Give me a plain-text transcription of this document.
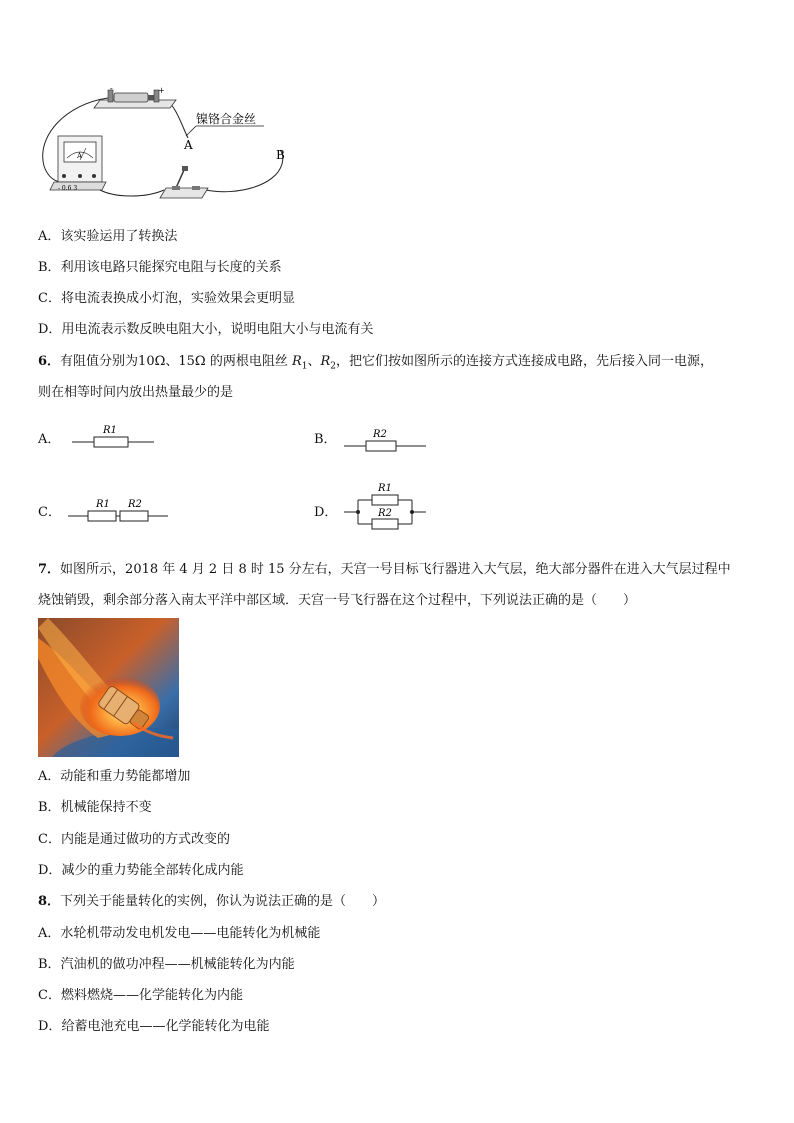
-	+
A
- 0.6 3
镍铬合金丝
A
B
A．该实验运用了转换法
B．利用该电路只能探究电阻与长度的关系
C．将电流表换成小灯泡，实验效果会更明显
D．用电流表示数反映电阻大小，说明电阻大小与电流有关
6．有阻值分别为10Ω、15Ω 的两根电阻丝 $R_1$、$R_2$，把它们按如图所示的连接方式连接成电路，先后接入同一电源，
则在相等时间内放出热量最少的是
A．
R1
B．	R2
C．
R1 R2
D．
R1
R2
7．如图所示，2018 年 4 月 2 日 8 时 15 分左右，天宫一号目标飞行器进入大气层，绝大部分器件在进入大气层过程中
烧蚀销毁，剩余部分落入南太平洋中部区域．天宫一号飞行器在这个过程中，下列说法正确的是（　　）
A．动能和重力势能都增加
B．机械能保持不变
C．内能是通过做功的方式改变的
D．减少的重力势能全部转化成内能
8．下列关于能量转化的实例，你认为说法正确的是（　　）
A．水轮机带动发电机发电——电能转化为机械能
B．汽油机的做功冲程——机械能转化为内能
C．燃料燃烧——化学能转化为内能
D．给蓄电池充电——化学能转化为电能
